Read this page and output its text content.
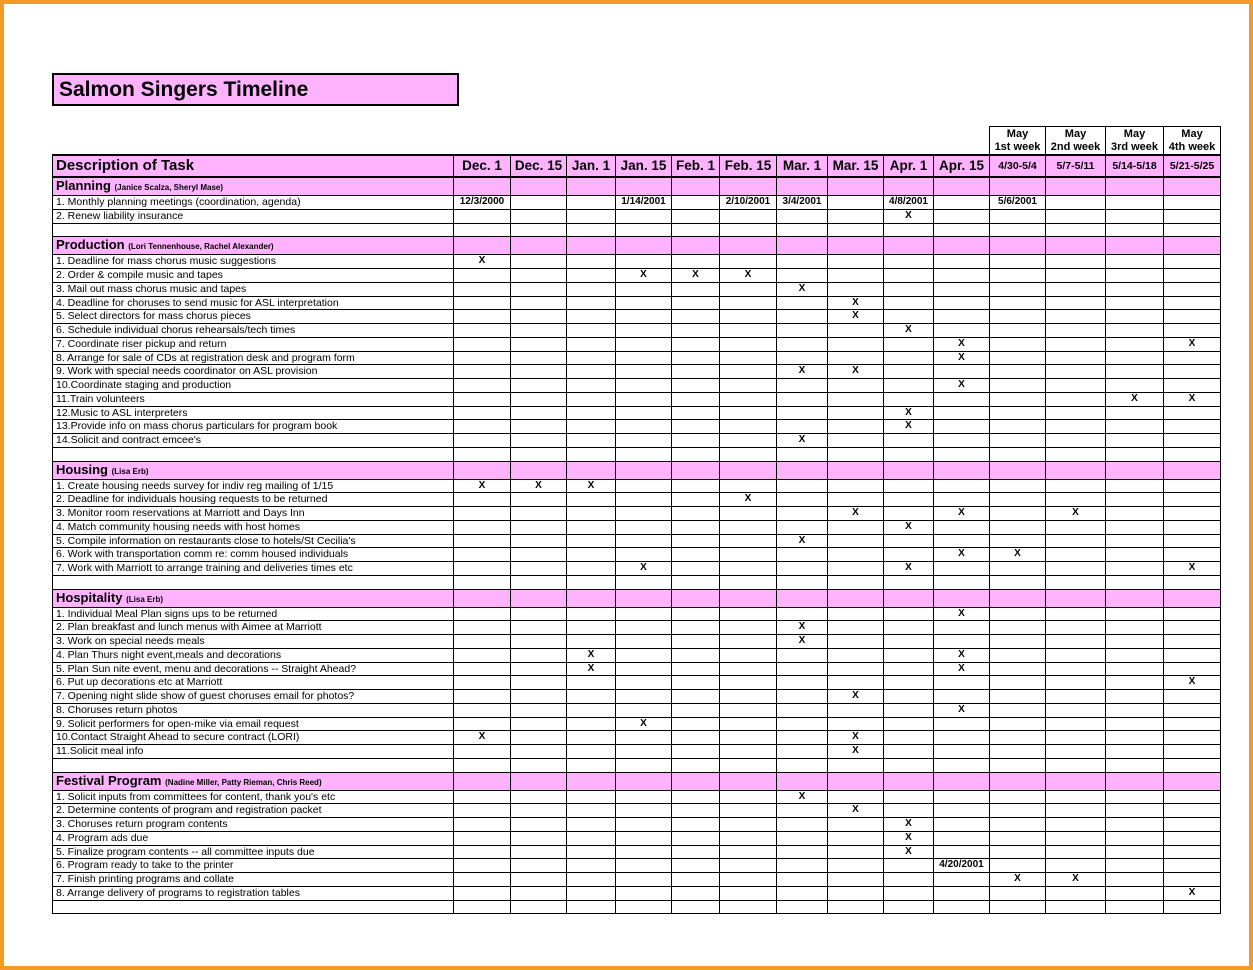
Salmon Singers Timeline
May
1st week
	May
2nd week
	May
3rd week
	May
4th week
Description of Task	Dec. 1	Dec. 15	Jan. 1	Jan. 15	Feb. 1	Feb. 15	Mar. 1	Mar. 15	Apr. 1	Apr. 15	4/30-5/4	5/7-5/11	5/14-5/18	5/21-5/25
Planning (Janice Scalza, Sheryl Mase)														
1. Monthly planning meetings (coordination, agenda)	12/3/2000			1/14/2001		2/10/2001	3/4/2001		4/8/2001		5/6/2001			
2. Renew liability insurance									X					

Production (Lori Tennenhouse, Rachel Alexander)														
1. Deadline for mass chorus music suggestions	X													
2. Order & compile music and tapes				X	X	X								
3. Mail out mass chorus music and tapes							X							
4. Deadline for choruses to send music for ASL interpretation								X						
5. Select directors for mass chorus pieces								X						
6. Schedule individual chorus rehearsals/tech times									X					
7. Coordinate riser pickup and return										X				X
8. Arrange for sale of CDs at registration desk and program form										X				
9. Work with special needs coordinator on ASL provision							X	X						
10.Coordinate staging and production										X				
11.Train volunteers													X	X
12.Music to ASL interpreters									X					
13.Provide info on mass chorus particulars for program book									X					
14.Solicit and contract emcee's							X							

Housing (Lisa Erb)														
1. Create housing needs survey for indiv reg mailing of 1/15	X	X	X											
2. Deadline for individuals housing requests to be returned						X								
3. Monitor room reservations at Marriott and Days Inn								X		X		X		
4. Match community housing needs with host homes									X					
5. Compile information on restaurants close to hotels/St Cecilia's							X							
6. Work with transportation comm re: comm housed individuals										X	X			
7. Work with Marriott to arrange training and deliveries times etc				X					X					X

Hospitality (Lisa Erb)														
1. Individual Meal Plan signs ups to be returned										X				
2. Plan breakfast and lunch menus with Aimee at Marriott							X							
3. Work on special needs meals							X							
4. Plan Thurs night event,meals and decorations			X							X				
5. Plan Sun nite event, menu and decorations -- Straight Ahead?			X							X				
6. Put up decorations etc at Marriott														X
7. Opening night slide show of guest choruses email for photos?								X						
8. Choruses return photos										X				
9. Solicit performers for open-mike via email request				X										
10.Contact Straight Ahead to secure contract (LORI)	X							X						
11.Solicit meal info								X						

Festival Program (Nadine Miller, Patty Rieman, Chris Reed)														
1. Solicit inputs from committees for content, thank you's etc							X							
2. Determine contents of program and registration packet								X						
3. Choruses return program contents									X					
4. Program ads due									X					
5. Finalize program contents -- all committee inputs due									X					
6. Program ready to take to the printer										4/20/2001				
7. Finish printing programs and collate											X	X		
8. Arrange delivery of programs to registration tables														X
